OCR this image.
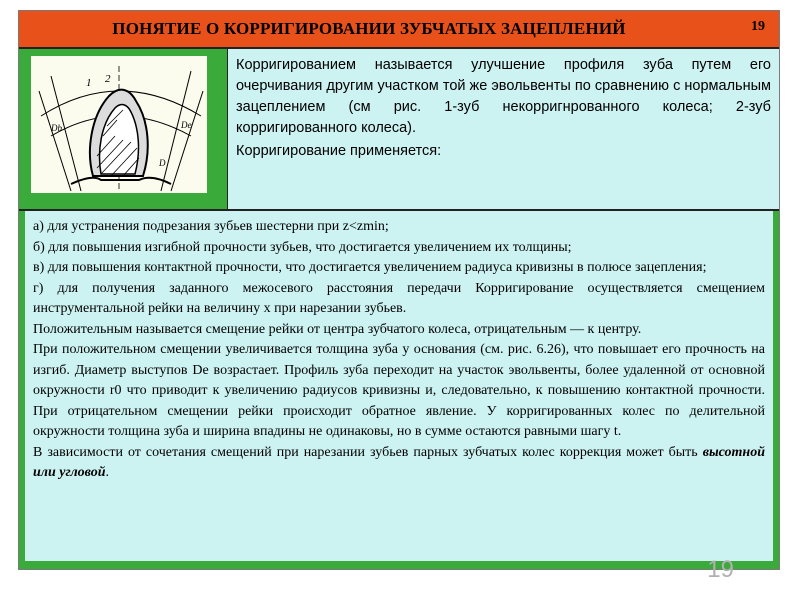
ПОНЯТИЕ О КОРРИГИРОВАНИИ ЗУБЧАТЫХ ЗАЦЕПЛЕНИЙ	19
1 2
Db	De
D

Корригированием называется улучшение профиля зуба путем его очерчивания другим участком той же эвольвенты по сравнению с нормальным зацеплением (см рис. 1-зуб некорригнрованного колеса; 2-зуб корригированного колеса).

Корригирование применяется:

а) для устранения подрезания зубьев шестерни при z<zmin;

б) для повышения изгибной прочности зубьев, что достигается увеличением их толщины;

в) для повышения контактной прочности, что достигается увеличением радиуса кривизны в полюсе зацепления;

г) для получения заданного межосевого расстояния передачи Корригирование осуществляется смещением инструментальной рейки на величину х при нарезании зубьев.

Положительным называется смещение рейки от центра зубчатого колеса, отрицательным — к центру.

При положительном смещении увеличивается толщина зуба у основания (см. рис. 6.26), что повышает его прочность на изгиб. Диаметр выступов De возрастает. Профиль зуба переходит на участок эвольвенты, более удаленной от основной окружности r0 что приводит к увеличению радиусов кривизны и, следовательно, к повышению контактной прочности. При отрицательном смещении рейки происходит обратное явление. У корригированных колес по делительной окружности толщина зуба и ширина впадины не одинаковы, но в сумме остаются равными шагу t.

В зависимости от сочетания смещений при нарезании зубьев парных зубчатых колес коррекция может быть высотной или угловой.

19
